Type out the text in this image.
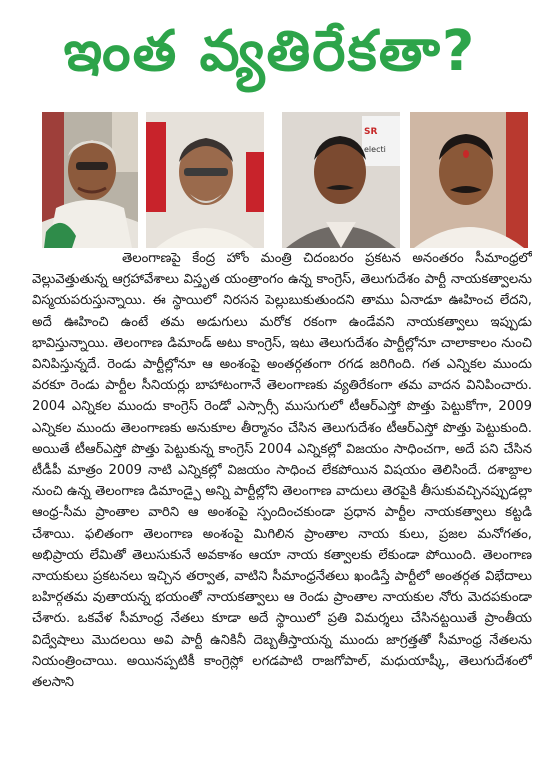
ఇంత వ్యతిరేకతా?
SR
electi

తెలంగాణపై కేంద్ర హోం మంత్రి చిదంబరం ప్రకటన అనంతరం సీమాంధ్రలో వెల్లువెత్తుతున్న ఆగ్రహావేశాలు విస్తృత యంత్రాంగం ఉన్న కాంగ్రెస్, తెలుగుదేశం పార్టీ నాయకత్వాలను విస్మయపరుస్తున్నాయి. ఈ స్థాయిలో నిరసన పెల్లుబుకుతుందని తాము ఏనాడూ ఊహించ లేదని, అదే ఊహించి ఉంటే తమ అడుగులు మరోక రకంగా ఉండేవని నాయకత్వాలు ఇప్పుడు భావిస్తున్నాయి. తెలంగాణ డిమాండ్ అటు కాంగ్రెస్, ఇటు తెలుగుదేశం పార్టీల్లోనూ చాలాకాలం నుంచి వినిపిస్తున్నదే. రెండు పార్టీల్లోనూ ఆ అంశంపై అంతర్గతంగా రగడ జరిగింది. గత ఎన్నికల ముందు వరకూ రెండు పార్టీల సీనియర్లు బాహాటంగానే తెలంగాణకు వ్యతిరేకంగా తమ వాదన వినిపించారు. 2004 ఎన్నికల ముందు కాంగ్రెస్ రెండో ఎస్సార్సీ ముసుగులో టీఆర్ఎస్తో పొత్తు పెట్టుకోగా, 2009 ఎన్నికల ముందు తెలంగాణకు అనుకూల తీర్మానం చేసిన తెలుగుదేశం టీఆర్ఎస్తో పొత్తు పెట్టుకుంది. అయితే టీఆర్ఎస్తో పొత్తు పెట్టుకున్న కాంగ్రెస్ 2004 ఎన్నికల్లో విజయం సాధించగా, అదే పని చేసిన టీడీపీ మాత్రం 2009 నాటి ఎన్నికల్లో విజయం సాధించ లేకపోయిన విషయం తెలిసిందే. దశాబ్దాల నుంచి ఉన్న తెలంగాణ డిమాండ్పై అన్ని పార్టీల్లోని తెలంగాణ వాదులు తెరపైకి తీసుకువచ్చినప్పుడల్లా ఆంధ్ర-సీమ ప్రాంతాల వారిని ఆ అంశంపై స్పందించకుండా ప్రధాన పార్టీల నాయకత్వాలు కట్టడి చేశాయి. ఫలితంగా తెలంగాణ అంశంపై మిగిలిన ప్రాంతాల నాయ కులు, ప్రజల మనోగతం, అభిప్రాయ లేమితో తెలుసుకునే అవకాశం ఆయా నాయ కత్వాలకు లేకుండా పోయింది. తెలంగాణ నాయకులు ప్రకటనలు ఇచ్చిన తర్వాత, వాటిని సీమాంధ్రనేతలు ఖండిస్తే పార్టీలో అంతర్గత విభేదాలు బహిర్గతమ వుతాయన్న భయంతో నాయకత్వాలు ఆ రెండు ప్రాంతాల నాయకుల నోరు మెదపకుండా చేశారు. ఒకవేళ సీమాంధ్ర నేతలు కూడా అదే స్థాయిలో ప్రతి విమర్శలు చేసినట్టయితే ప్రాంతీయ విద్వేషాలు మొదలయి అవి పార్టీ ఉనికినీ దెబ్బతీస్తాయన్న ముందు జాగ్రత్తతో సీమాంధ్ర నేతలను నియంత్రించాయి. అయినప్పటికీ కాంగ్రెస్లో లగడపాటి రాజగోపాల్, మధుయాష్కీ, తెలుగుదేశంలో తలసాని
